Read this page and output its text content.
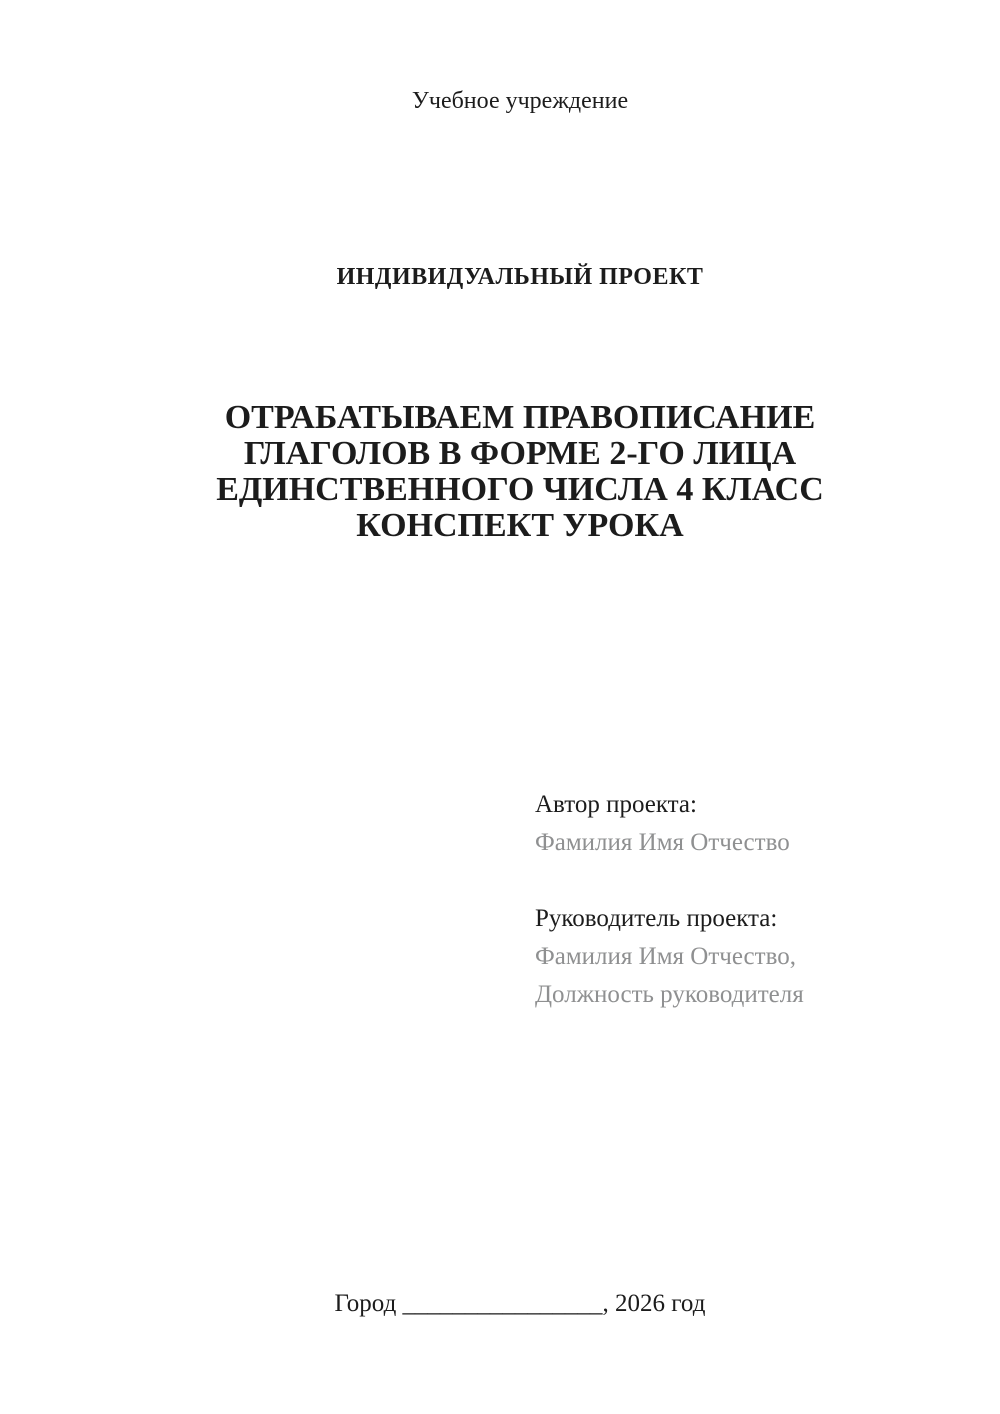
Учебное учреждение
ИНДИВИДУАЛЬНЫЙ ПРОЕКТ
ОТРАБАТЫВАЕМ ПРАВОПИСАНИЕ
ГЛАГОЛОВ В ФОРМЕ 2-ГО ЛИЦА
ЕДИНСТВЕННОГО ЧИСЛА 4 КЛАСС
КОНСПЕКТ УРОКА
Автор проекта:
Фамилия Имя Отчество
Руководитель проекта:
Фамилия Имя Отчество,
Должность руководителя
Город ________________, 2026 год
